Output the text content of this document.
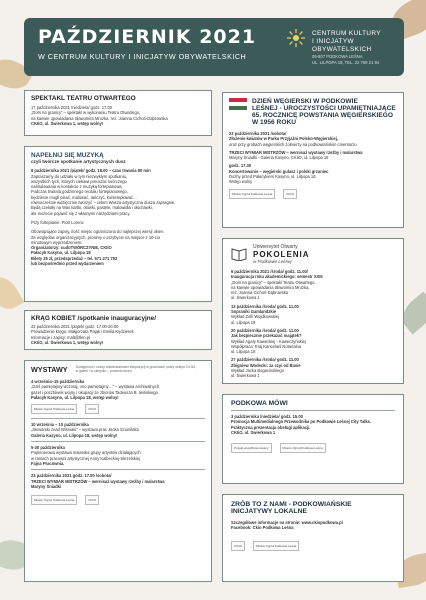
PAŹDZIERNIK 2021
W CENTRUM KULTURY I INICJATYW OBYWATELSKICH
CENTRUM KULTURY
I INICJATYW OBYWATELSKICH
05-807 PODKOWA LEŚNA
UL. LILPOPA 18, TEL. 22 759 21 94
SPEKTAKL TEATRU OTWARTEGO
17 października 2021 /niedziela/ godz. 17.00
„Dom na granicy” – spektakl w wykonaniu Teatru Otwartego,
na kanwie opowiadania Sławomira Mrożka, reż. Joanna Cichoń-Dąbrowska
CKIiO, ul. Świerkowa 1, wstęp wolny!
NAPEŁNIJ SIĘ MUZYKĄ
czyli twórcze spotkanie artystycznych dusz
8 października 2021 /piątek/ godz. 18.00 – czas trwania 60 min
Zapraszamy do udziału w tym niezwykłym spotkaniu,
wszystkich tych, których ciekawi poruszać twórczego
naśladowania w kontakcie z muzyką fortepianową.
Podczas trwania godzinnego recitalu fortepianowego,
będziecie mogli pisać, malować, tańczyć, kontemplować…
równocześnie wdzięcznie tworzyć – celem Wasza artystyczna dusza zapragnie.
Będą czekały na Was kartki, ołówki, pastele, malowidła i słuchawki,
ale możecie pojawić się z własnymi narzędziami pracy.
Przy fortepianie: Piotr Lorenc
Obowiązujące zapisy, ilość miejsc ograniczona do najlepszej wersji okien.
Ze względów organizacyjnych, prosimy o przybycie na miejsce z 10-cio
minutowym wyprzedzeniem.
Organizatorzy: cudoTWÓRCZYNIE, CKIiO
Pałacyk Kasyno, ul. Lilpopa 18
Bilety 25 zł, przedsprzedaż – tel. 571 271 792
lub bezpośrednio przed wydarzeniem
KRĄG KOBIET /spotkanie inauguracyjne/
22 października 2021 /piątek/ godz. 17.00-20.00
Prowadzenie kręgu: Małgorzata Pająk i Emilia Kędzierek
Informacje i zapisy: malt@tlen.pl
CKIiO, ul. Świerkowa 1, wstęp wolny!
WYSTAWY Dostępność i czasy odwiedzalności ekspozycji w godzinach pracy sklepu CKIiO,
w galerii i w sklepiku – powiedz teraz!
4 września–15 października
„Dziś pamiętajmy wczoraj, ono pamiętajmy…” – wystawa archiwalnych
gazet i pocztówek wojny i okupacji ze zbiorów Tadeusza B. Iwińskiego
Pałacyk Kasyno, ul. Lilpopa 18, wstęp wolny!
Miasto Ogród Podkowa Leśna	CKIiO
10 września – 10 października
„Słowarski znad Wiśniaki” – wystawa prac Jacka Szumiłaka
Galeria Kasyno, ul. Lilpopa 18, wstęp wolny!
5-30 października
Poplenerowa wystawa malarska grupy artystów działających
w ramach pracowni artystycznej Anny Kalbeckiej-Skrzelskiej
Fajna Pracownia.
23 października 2021 godz. 17.00 /sobota/
TRZECI WYMIAR MISTRZÓW – wernisaż wystawy rzeźby i malarstwa
Maryny Śniadki
Miasto Ogród Podkowa Leśna	CKIiO
DZIEŃ WĘGIERSKI W PODKOWIE
LEŚNEJ - UROCZYSTOŚCI UPAMIĘTNIAJĄCE
65. ROCZNICĘ POWSTANIA WĘGIERSKIEGO
W 1956 ROKU
23 października 2021 /sobota/
Złożenie kwiatów w Parku Przyjaźni Polsko-Węgierskiej,
oraz przy grobach węgierskich żołnierzy na podkowiańskim cmentarzu
TRZECI WYMIAR MISTRZÓW – wernisaż wystawy rzeźby i malarstwa
Maryny Śniadki - Galeria Kasyno, CKIiO, ul. Lilpopa 18
godz. 17.30
Koncertowanie – węgierski gulasz i polski grzaniec
Dozhy przed Pałacykiem Kasyno, ul. Lilpopa 18
Wstęp wolny
Miasto Ogród Podkowa Leśna	CKIiO
Uniwersytet Otwarty
POKOLENIA
w Podkowie Leśnej
6 października 2021 /środa/ godz. 11.00/
Inauguracja roku akademickiego: semestr XXIII
„Dom na granicy” – spektakl Teatru Otwartego,
na kanwie opowiadania Sławomira Mrożka,
reż. Joanna Cichoń-Dąbrowska
ul. Świerkowa 1
13 października /środa/ godz. 11.00
Sopraniki Gamlandzkie
Wykład Zofii Wojdkowskiej
ul. Lilpopa 18
20 października /środa/ godz. 11.00
Jak bezpiecznie przekazać majątek?
Wykład Agaty Kaweckiej - Kaweczyńskiej
Współpraca: Kraj Kancelarii Notarialna
ul. Lilpopa 18
27 października /środa/ godz. 11.00
Zbigniew Wodecki: za czyi od Basie
Wykład Jacka Bogacinskiego
ul. Świerkowa 1
PODKOWA MÓWI
3 października /niedziela/ godz. 15.00
Promocja Multimedialnego Przewodnika po Podkowie Leśnej City Talks.
Praktyczna prezentacja obsługi aplikacji.
CKIiO, ul. Świerkowa 1
Projekt współfinansowany	Miasto Ogród Podkowa Leśna
ZRÓB TO Z NAMI - PODKOWIAŃSKIE
INICJATYWY LOKALNE
Szczegółowe informacje na stronie: www.ckiopodkowa.pl
Facebook: Ckio Podkowa Leśna
CKIiO	Miasto Ogród Podkowa Leśna
